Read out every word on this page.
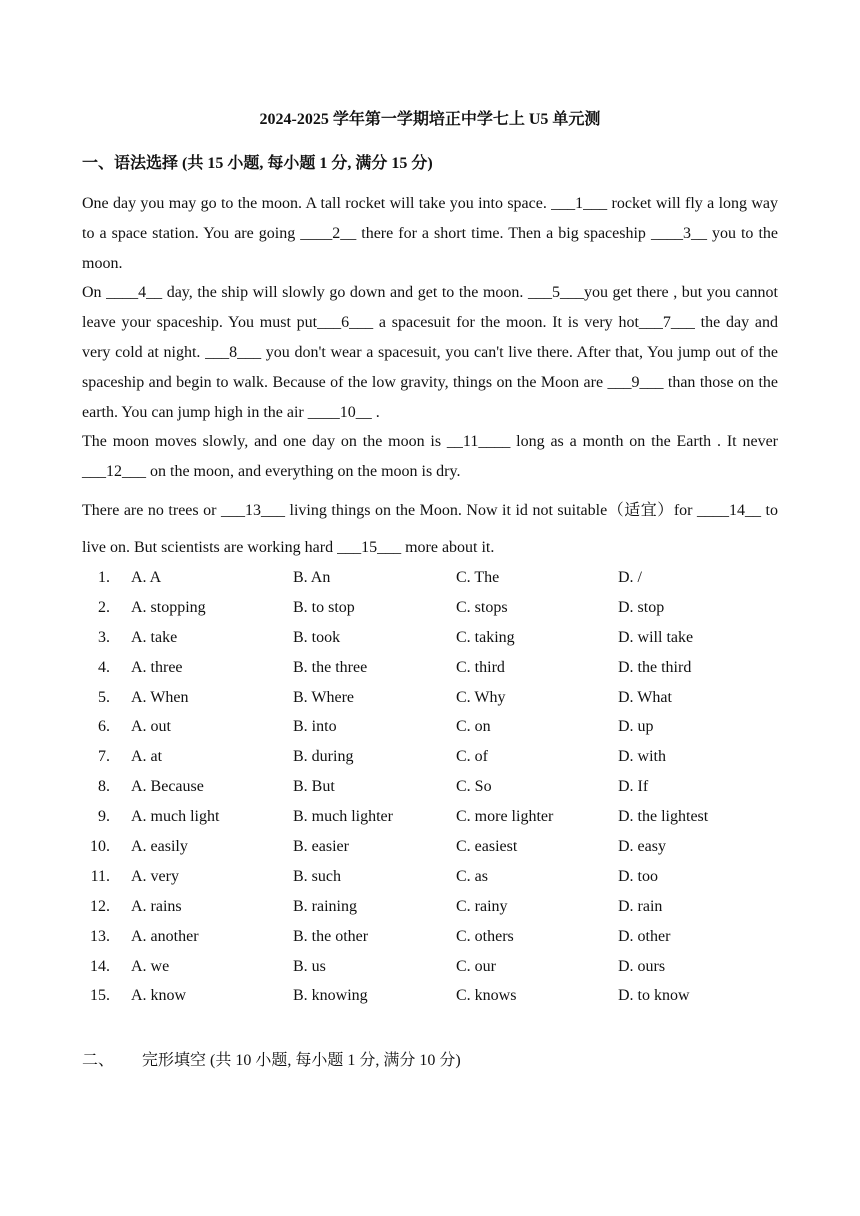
2024-2025 学年第一学期培正中学七上 U5 单元测
一、语法选择 (共 15 小题, 每小题 1 分, 满分 15 分)

One day you may go to the moon. A tall rocket will take you into space. ___1___ rocket will fly a long way to a space station. You are going ____2__ there for a short time. Then a big spaceship ____3__ you to the moon.

On ____4__ day, the ship will slowly go down and get to the moon. ___5___you get there , but you cannot leave your spaceship. You must put___6___ a spacesuit for the moon. It is very hot___7___ the day and very cold at night. ___8___ you don't wear a spacesuit, you can't live there. After that, You jump out of the spaceship and begin to walk. Because of the low gravity, things on the Moon are ___9___ than those on the earth. You can jump high in the air ____10__ .

The moon moves slowly, and one day on the moon is __11____ long as a month on the Earth . It never ___12___ on the moon, and everything on the moon is dry.

There are no trees or ___13___ living things on the Moon. Now it id not suitable（适宜）for ____14__ to live on. But scientists are working hard ___15___ more about it.

1. A. A	B. An	C. The	D. /
2. A. stopping	B. to stop	C. stops	D. stop
3. A. take	B. took	C. taking	D. will take
4. A. three	B. the three	C. third	D. the third
5. A. When	B. Where	C. Why	D. What
6. A. out	B. into	C. on	D. up
7. A. at	B. during	C. of	D. with
8. A. Because	B. But	C. So	D. If
9. A. much light	B. much lighter	C. more lighter	D. the lightest
10. A. easily	B. easier	C. easiest	D. easy
11. A. very	B. such	C. as	D. too
12. A. rains	B. raining	C. rainy	D. rain
13. A. another	B. the other	C. others	D. other
14. A. we	B. us	C. our	D. ours
15. A. know	B. knowing	C. knows	D. to know
二、 完形填空 (共 10 小题, 每小题 1 分, 满分 10 分)
